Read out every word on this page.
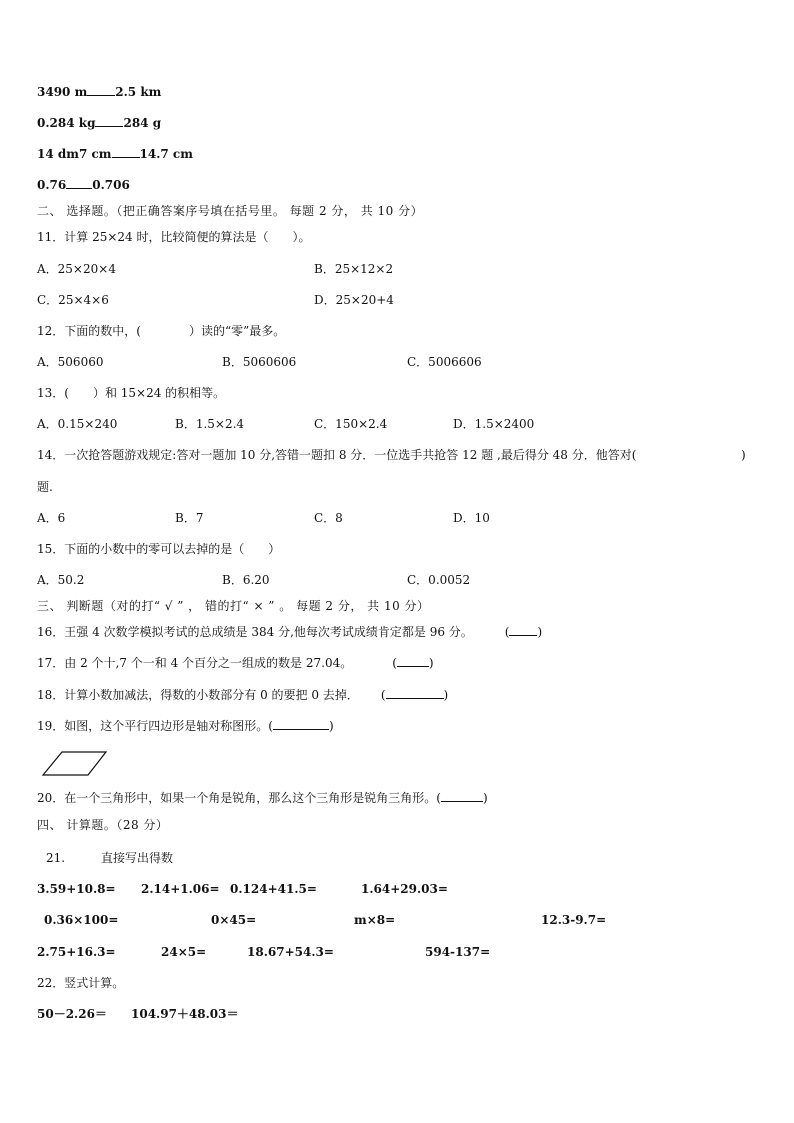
3490 m 2.5 km
0.284 kg 284 g
14 dm7 cm 14.7 cm
0.76 0.706
二、 选择题。（把正确答案序号填在括号里。 每题 2 分， 共 10 分）
11．计算 25×24 时，比较简便的算法是（　　）。
A．25×20×4	B．25×12×2
C．25×4×6	D．25×20+4
12．下面的数中，(　　　　）读的“零”最多。
A．506060	B．5060606	C．5006606
13．(　　）和 15×24 的积相等。
A．0.15×240	B．1.5×2.4	C．150×2.4	D．1.5×2400
14．一次抢答题游戏规定:答对一题加 10 分,答错一题扣 8 分．一位选手共抢答 12 题 ,最后得分 48 分．他答对(	)
题.
A．6	B．7	C．8	D．10
15．下面的小数中的零可以去掉的是（　　）
A．50.2	B．6.20	C．0.0052
三、 判断题（对的打“ √ ” ， 错的打“ × ” 。 每题 2 分， 共 10 分）
16．王强 4 次数学模拟考试的总成绩是 384 分,他每次考试成绩肯定都是 96 分。	( )
17．由 2 个十,7 个一和 4 个百分之一组成的数是 27.04。	(	)
18．计算小数加减法，得数的小数部分有 0 的要把 0 去掉． (	)
19．如图，这个平行四边形是轴对称图形。(	)
20．在一个三角形中，如果一个角是锐角，那么这个三角形是锐角三角形。(	)
四、 计算题。（28 分）
21.	直接写出得数
3.59+10.8= 2.14+1.06= 0.124+41.5=	1.64+29.03=
0.36×100=	0×45=	m×8=	12.3-9.7=
2.75+16.3=	24×5=	18.67+54.3=	594-137=
22．竖式计算。
50－2.26＝ 104.97＋48.03＝
